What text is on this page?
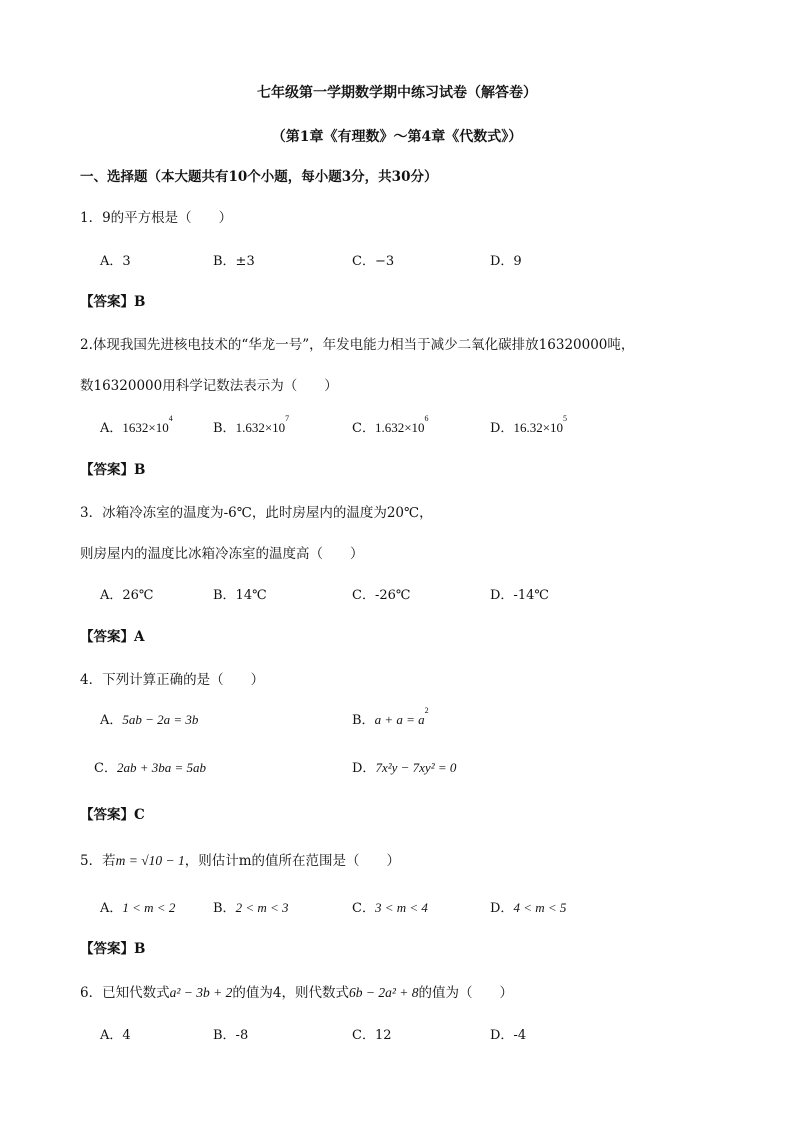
七年级第一学期数学期中练习试卷（解答卷）
（第1章《有理数》～第4章《代数式》）
一、选择题（本大题共有10个小题，每小题3分，共30分）
1．9的平方根是（　　）
A．3	B．±3	C．−3	D．9
【答案】B
2.体现我国先进核电技术的“华龙一号”，年发电能力相当于减少二氧化碳排放16320000吨，
数16320000用科学记数法表示为（　　）
A．$1632\times 10^4$
B．$1.632\times 10^7$
C．$1.632\times 10^6$
D．$16.32\times 10^5$
【答案】B
3．冰箱冷冻室的温度为-6℃，此时房屋内的温度为20℃，
则房屋内的温度比冰箱冷冻室的温度高（　　）
A．26℃	B．14℃	C．-26℃	D．-14℃
【答案】A
4．下列计算正确的是（　　）
A．5ab − 2a = 3b	B．$a + a = a^2$
C．2ab + 3ba = 5ab	D．7x²y − 7xy² = 0
【答案】C
5．若m = √10 − 1，则估计m的值所在范围是（　　）
A．1 < m < 2	B．2 < m < 3	C．3 < m < 4	D．4 < m < 5
【答案】B
6．已知代数式a² − 3b + 2的值为4，则代数式6b − 2a² + 8的值为（　　）
A．4	B．-8	C．12	D．-4
